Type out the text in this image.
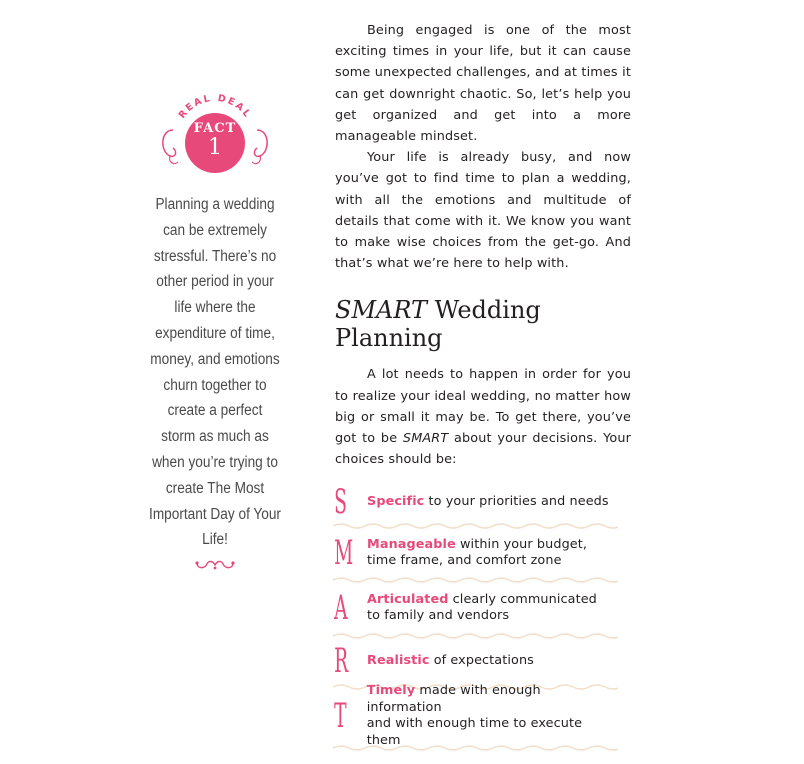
REAL DEAL
FACT
1
Planning a wedding can be extremely stressful. There’s no other period in your life where the expenditure of time, money, and emotions churn together to create a perfect storm as much as when you’re trying to create The Most Important Day of Your Life!

Being engaged is one of the most exciting times in your life, but it can cause some unexpected challenges, and at times it can get downright chaotic. So, let’s help you get organized and get into a more manageable mindset.

Your life is already busy, and now you’ve got to find time to plan a wedding, with all the emotions and multitude of details that come with it. We know you want to make wise choices from the get-go. And that’s what we’re here to help with.

SMART Wedding Planning

A lot needs to happen in order for you to realize your ideal wedding, no matter how big or small it may be. To get there, you’ve got to be SMART about your decisions. Your choices should be:

S	Specific to your priorities and needs
M Manageable within your budget,
time frame, and comfort zone
A	Articulated clearly communicated
to family and vendors
R Realistic of expectations
T
Timely made with enough information
and with enough time to execute them
